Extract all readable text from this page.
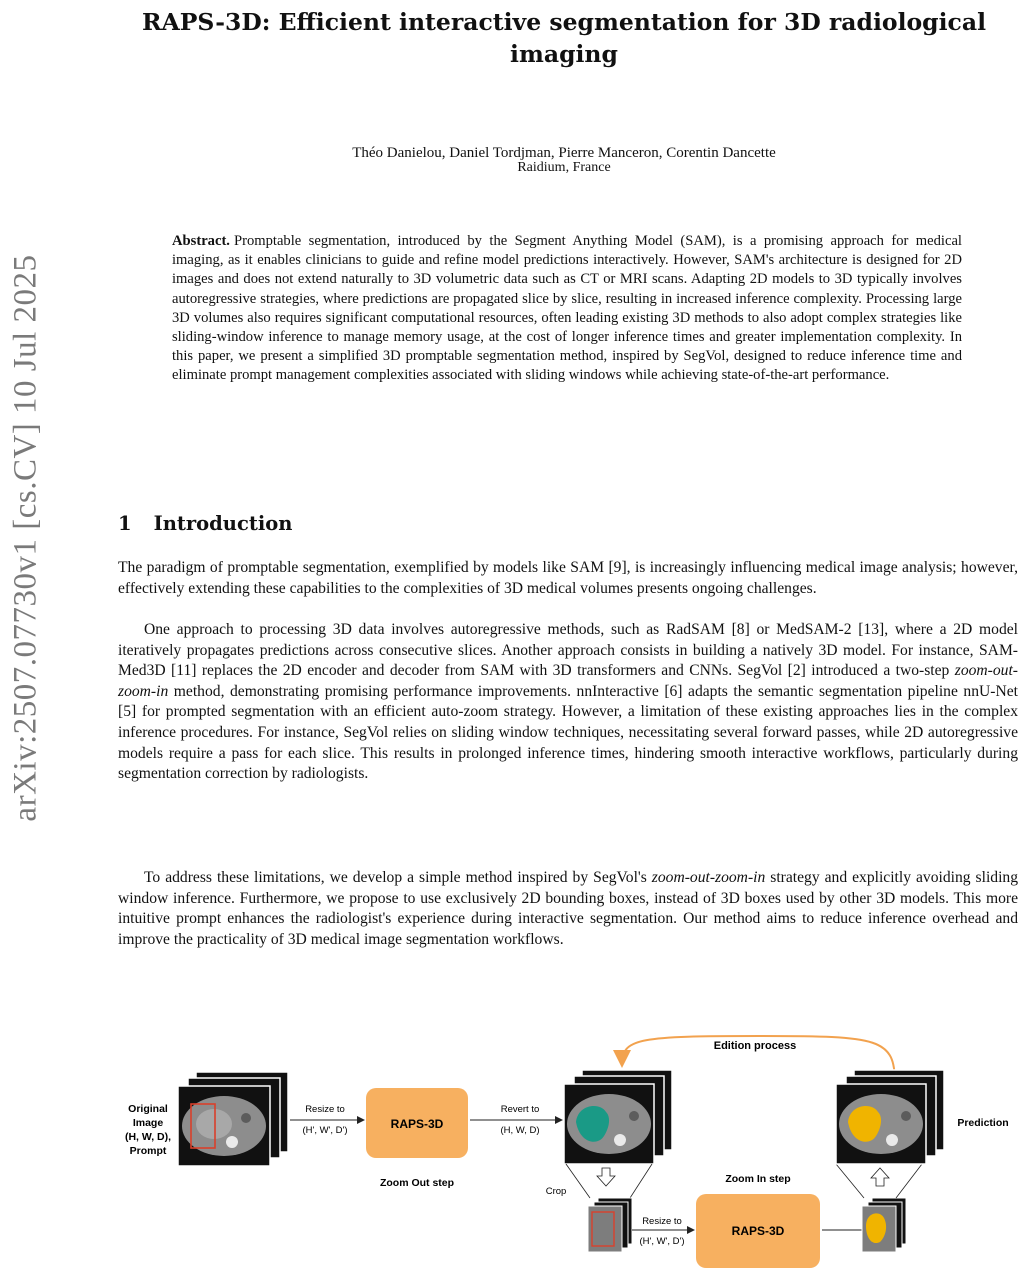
arXiv:2507.07730v1 [cs.CV] 10 Jul 2025
RAPS-3D: Efficient interactive segmentation for 3D radiological imaging
Théo Danielou, Daniel Tordjman, Pierre Manceron, Corentin Dancette
Raidium, France
Abstract. Promptable segmentation, introduced by the Segment Anything Model (SAM), is a promising approach for medical imaging, as it enables clinicians to guide and refine model predictions interactively. However, SAM's architecture is designed for 2D images and does not extend naturally to 3D volumetric data such as CT or MRI scans. Adapting 2D models to 3D typically involves autoregressive strategies, where predictions are propagated slice by slice, resulting in increased inference complexity. Processing large 3D volumes also requires significant computational resources, often leading existing 3D methods to also adopt complex strategies like sliding-window inference to manage memory usage, at the cost of longer inference times and greater implementation complexity. In this paper, we present a simplified 3D promptable segmentation method, inspired by SegVol, designed to reduce inference time and eliminate prompt management complexities associated with sliding windows while achieving state-of-the-art performance.
1 Introduction

The paradigm of promptable segmentation, exemplified by models like SAM [9], is increasingly influencing medical image analysis; however, effectively extending these capabilities to the complexities of 3D medical volumes presents ongoing challenges.

One approach to processing 3D data involves autoregressive methods, such as RadSAM [8] or MedSAM-2 [13], where a 2D model iteratively propagates predictions across consecutive slices. Another approach consists in building a natively 3D model. For instance, SAM-Med3D [11] replaces the 2D encoder and decoder from SAM with 3D transformers and CNNs. SegVol [2] introduced a two-step zoom-out-zoom-in method, demonstrating promising performance improvements. nnInteractive [6] adapts the semantic segmentation pipeline nnU-Net [5] for prompted segmentation with an efficient auto-zoom strategy. However, a limitation of these existing approaches lies in the complex inference procedures. For instance, SegVol relies on sliding window techniques, necessitating several forward passes, while 2D autoregressive models require a pass for each slice. This results in prolonged inference times, hindering smooth interactive workflows, particularly during segmentation correction by radiologists.

To address these limitations, we develop a simple method inspired by SegVol's zoom-out-zoom-in strategy and explicitly avoiding sliding window inference. Furthermore, we propose to use exclusively 2D bounding boxes, instead of 3D boxes used by other 3D models. This more intuitive prompt enhances the radiologist's experience during interactive segmentation. Our method aims to reduce inference overhead and improve the practicality of 3D medical image segmentation workflows.

Edition process
Original
Image
(H, W, D),
Prompt
Resize to
(H', W', D')	RAPS-3D
Zoom Out step
Revert to
(H, W, D)
Crop
Resize to
(H', W', D')
RAPS-3D
Zoom In step
Prediction
